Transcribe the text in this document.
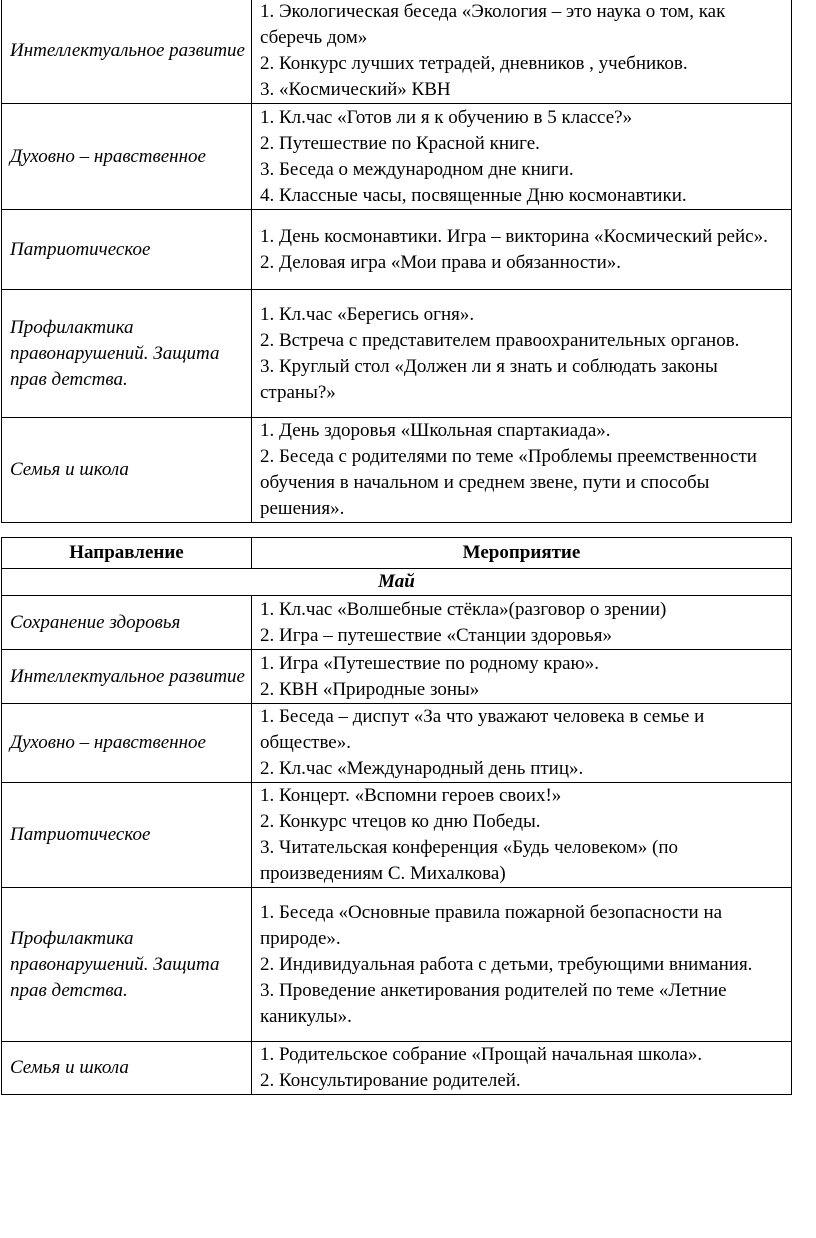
Интеллектуальное развитие	1. Экологическая беседа «Экология – это наука о том, как сберечь дом»
2. Конкурс лучших тетрадей, дневников , учебников.
3. «Космический» КВН

Духовно – нравственное	1. Кл.час «Готов ли я к обучению в 5 классе?»
2. Путешествие по Красной книге.
3. Беседа о международном дне книги.
4. Классные часы, посвященные Дню космонавтики.

Патриотическое	1. День космонавтики. Игра – викторина «Космический рейс».
2. Деловая игра «Мои права и обязанности».

Профилактика правонарушений. Защита прав детства.	1. Кл.час «Берегись огня».
2. Встреча с представителем правоохранительных органов.
3. Круглый стол «Должен ли я знать и соблюдать законы страны?»

Семья и школа	1. День здоровья «Школьная спартакиада».
2. Беседа с родителями по теме «Проблемы преемственности обучения в начальном и среднем звене, пути и способы решения».
Направление	Мероприятие
Май	
Сохранение здоровья	1. Кл.час «Волшебные стёкла»(разговор о зрении)
2. Игра – путешествие «Станции здоровья»

Интеллектуальное развитие	1. Игра «Путешествие по родному краю».
2. КВН «Природные зоны»

Духовно – нравственное	1. Беседа – диспут «За что уважают человека в семье и обществе».
2. Кл.час «Международный день птиц».

Патриотическое	1. Концерт. «Вспомни героев своих!»
2. Конкурс чтецов ко дню Победы.
3. Читательская конференция «Будь человеком» (по произведениям С. Михалкова)

Профилактика правонарушений. Защита прав детства.	1. Беседа «Основные правила пожарной безопасности на природе».
2. Индивидуальная работа с детьми, требующими внимания.
3. Проведение анкетирования родителей по теме «Летние каникулы».

Семья и школа	1. Родительское собрание «Прощай начальная школа».
2. Консультирование родителей.
